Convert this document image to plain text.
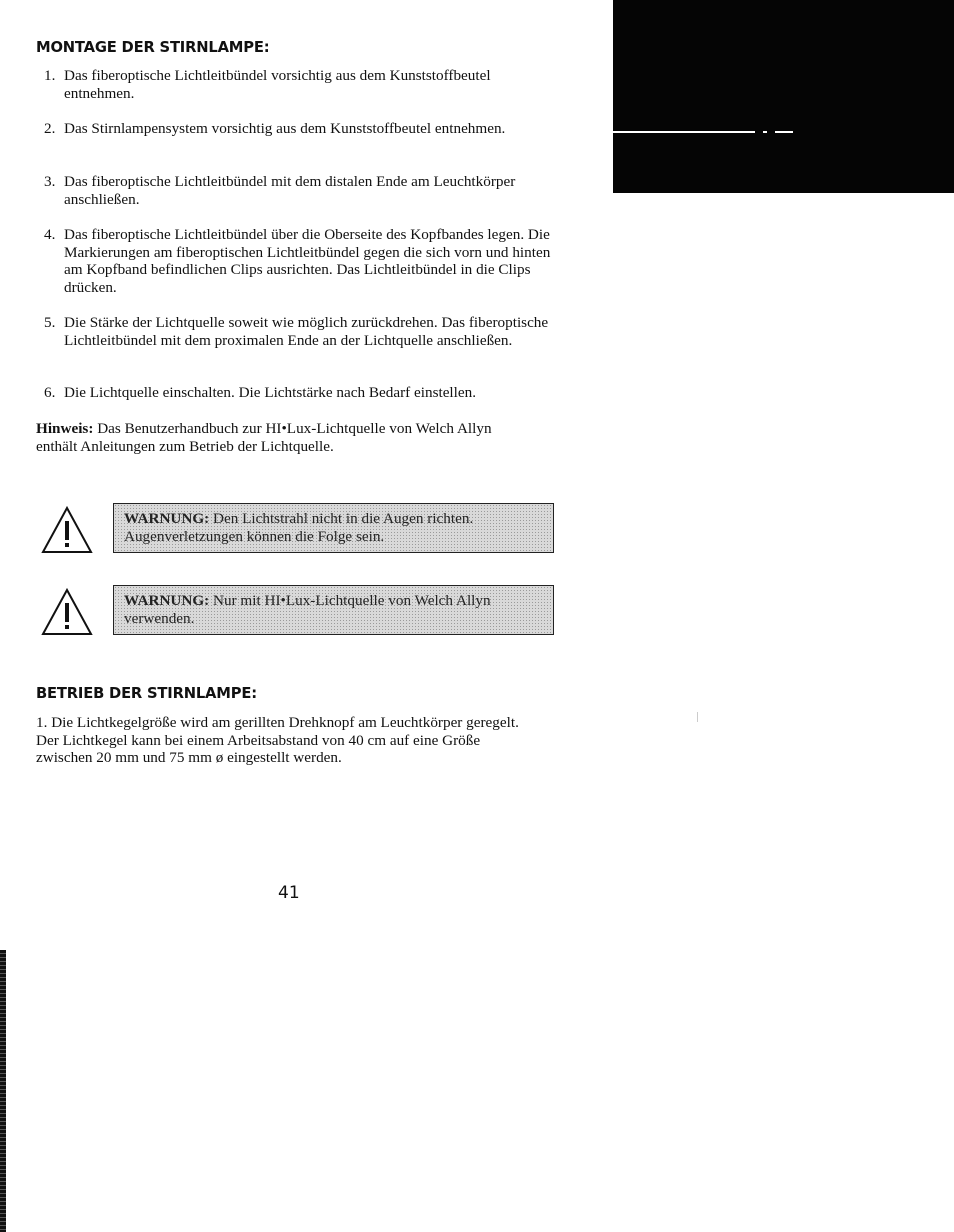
MONTAGE DER STIRNLAMPE:
1. Das fiberoptische Lichtleitbündel vorsichtig aus dem Kunststoffbeutel entnehmen.
2. Das Stirnlampensystem vorsichtig aus dem Kunststoffbeutel entnehmen.
3. Das fiberoptische Lichtleitbündel mit dem distalen Ende am Leuchtkörper anschließen.
4. Das fiberoptische Lichtleitbündel über die Oberseite des Kopfbandes legen. Die Markierungen am fiberoptischen Lichtleitbündel gegen die sich vorn und hinten am Kopfband befindlichen Clips ausrichten. Das Lichtleitbündel in die Clips drücken.
5. Die Stärke der Lichtquelle soweit wie möglich zurückdrehen. Das fiberoptische Lichtleitbündel mit dem proximalen Ende an der Lichtquelle anschließen.
6. Die Lichtquelle einschalten. Die Lichtstärke nach Bedarf einstellen.
Hinweis: Das Benutzerhandbuch zur HI•Lux-Lichtquelle von Welch Allyn enthält Anleitungen zum Betrieb der Lichtquelle.
WARNUNG: Den Lichtstrahl nicht in die Augen richten. Augenverletzungen können die Folge sein.
WARNUNG: Nur mit HI•Lux-Lichtquelle von Welch Allyn verwenden.
BETRIEB DER STIRNLAMPE:
1. Die Lichtkegelgröße wird am gerillten Drehknopf am Leuchtkörper geregelt. Der Lichtkegel kann bei einem Arbeitsabstand von 40 cm auf eine Größe zwischen 20 mm und 75 mm ø eingestellt werden.
41
